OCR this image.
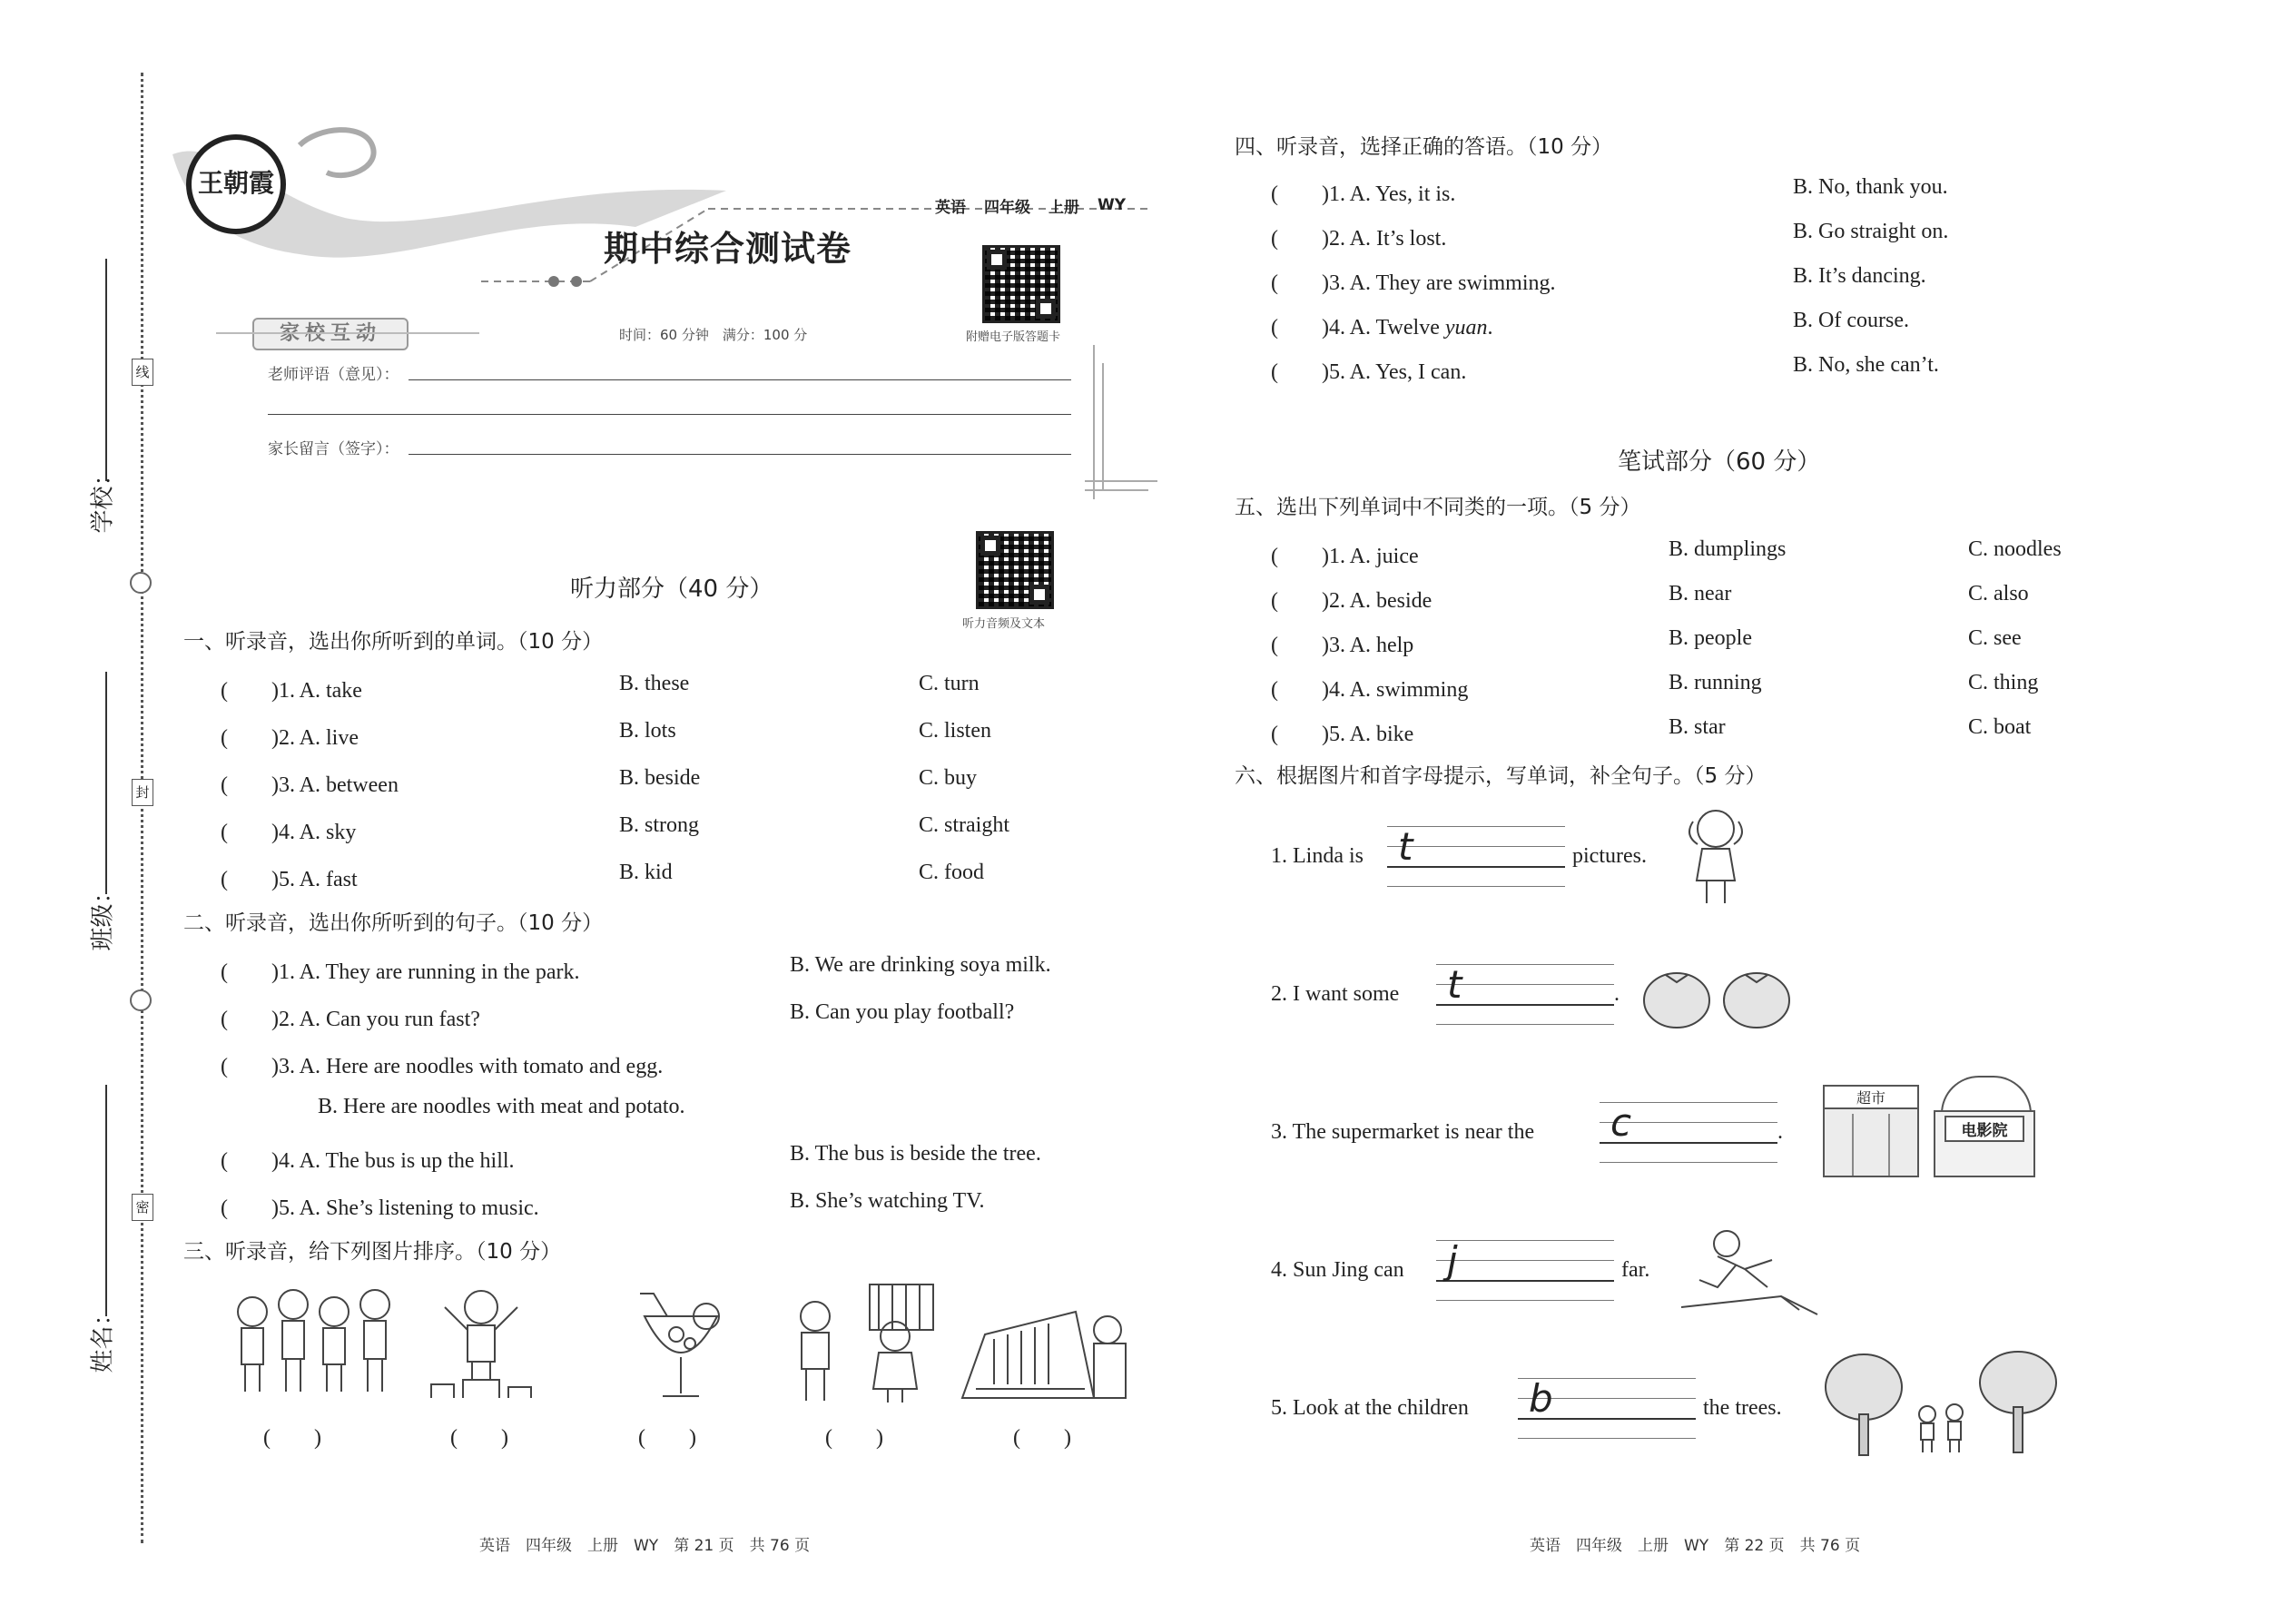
学校：
线
班级：
封
姓名：
密
王朝霞
英语 四年级 上册 WY
期中综合测试卷
附赠电子版答题卡
家校互动	时间：60 分钟　满分：100 分
老师评语（意见）：
家长留言（签字）：
听力音频及文本
听力部分（40 分）
一、听录音，选出你所听到的单词。（10 分）
(　　)1. A. take	B. these	C. turn
(　　)2. A. live	B. lots	C. listen
(　　)3. A. between	B. beside	C. buy
(　　)4. A. sky	B. strong	C. straight
(　　)5. A. fast	B. kid	C. food
二、听录音，选出你所听到的句子。（10 分）
(　　)1. A. They are running in the park.	B. We are drinking soya milk.
(　　)2. A. Can you run fast?	B. Can you play football?
(　　)3. A. Here are noodles with tomato and egg.
B. Here are noodles with meat and potato.
(　　)4. A. The bus is up the hill.	B. The bus is beside the tree.
(　　)5. A. She’s listening to music.	B. She’s watching TV.
三、听录音，给下列图片排序。（10 分）
(　　)	(　　)	(　　)	(　　)	(　　)
英语　四年级　上册　WY　第 21 页　共 76 页
四、听录音，选择正确的答语。（10 分）
(　　)1. A. Yes, it is.	B. No, thank you.
(　　)2. A. It’s lost.	B. Go straight on.
(　　)3. A. They are swimming.	B. It’s dancing.
(　　)4. A. Twelve yuan.	B. Of course.
(　　)5. A. Yes, I can.	B. No, she can’t.
笔试部分（60 分）
五、选出下列单词中不同类的一项。（5 分）
(　　)1. A. juice	B. dumplings	C. noodles
(　　)2. A. beside	B. near	C. also
(　　)3. A. help	B. people	C. see
(　　)4. A. swimming	B. running	C. thing
(　　)5. A. bike	B. star	C. boat
六、根据图片和首字母提示，写单词，补全句子。（5 分）
1. Linda is t	pictures.
2. I want some t	.
3. The supermarket is near the c	.
超市
电影院
4. Sun Jing can j	far.
5. Look at the children b	the trees.
英语　四年级　上册　WY　第 22 页　共 76 页
